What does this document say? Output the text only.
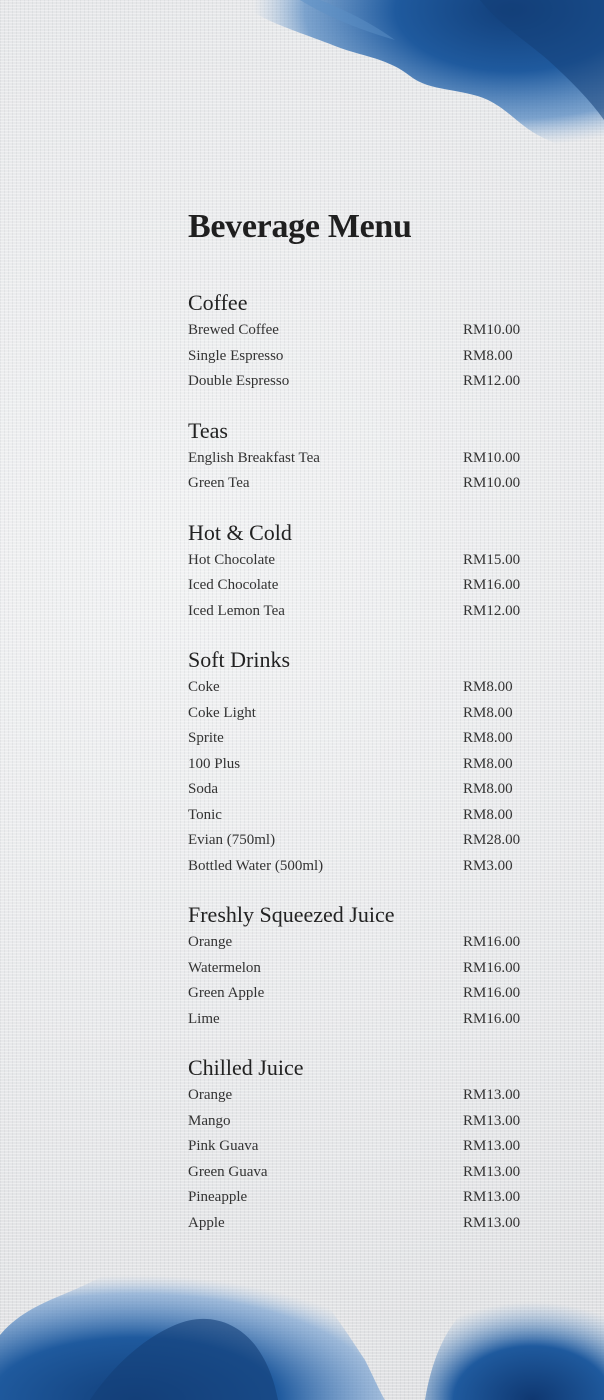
Beverage Menu
Coffee
Brewed Coffee	RM10.00
Single Espresso	RM8.00
Double Espresso	RM12.00
Teas
English Breakfast Tea	RM10.00
Green Tea	RM10.00
Hot & Cold
Hot Chocolate	RM15.00
Iced Chocolate	RM16.00
Iced Lemon Tea	RM12.00
Soft Drinks
Coke	RM8.00
Coke Light	RM8.00
Sprite	RM8.00
100 Plus	RM8.00
Soda	RM8.00
Tonic	RM8.00
Evian (750ml)	RM28.00
Bottled Water (500ml)	RM3.00
Freshly Squeezed Juice
Orange	RM16.00
Watermelon	RM16.00
Green Apple	RM16.00
Lime	RM16.00
Chilled Juice
Orange	RM13.00
Mango	RM13.00
Pink Guava	RM13.00
Green Guava	RM13.00
Pineapple	RM13.00
Apple	RM13.00
